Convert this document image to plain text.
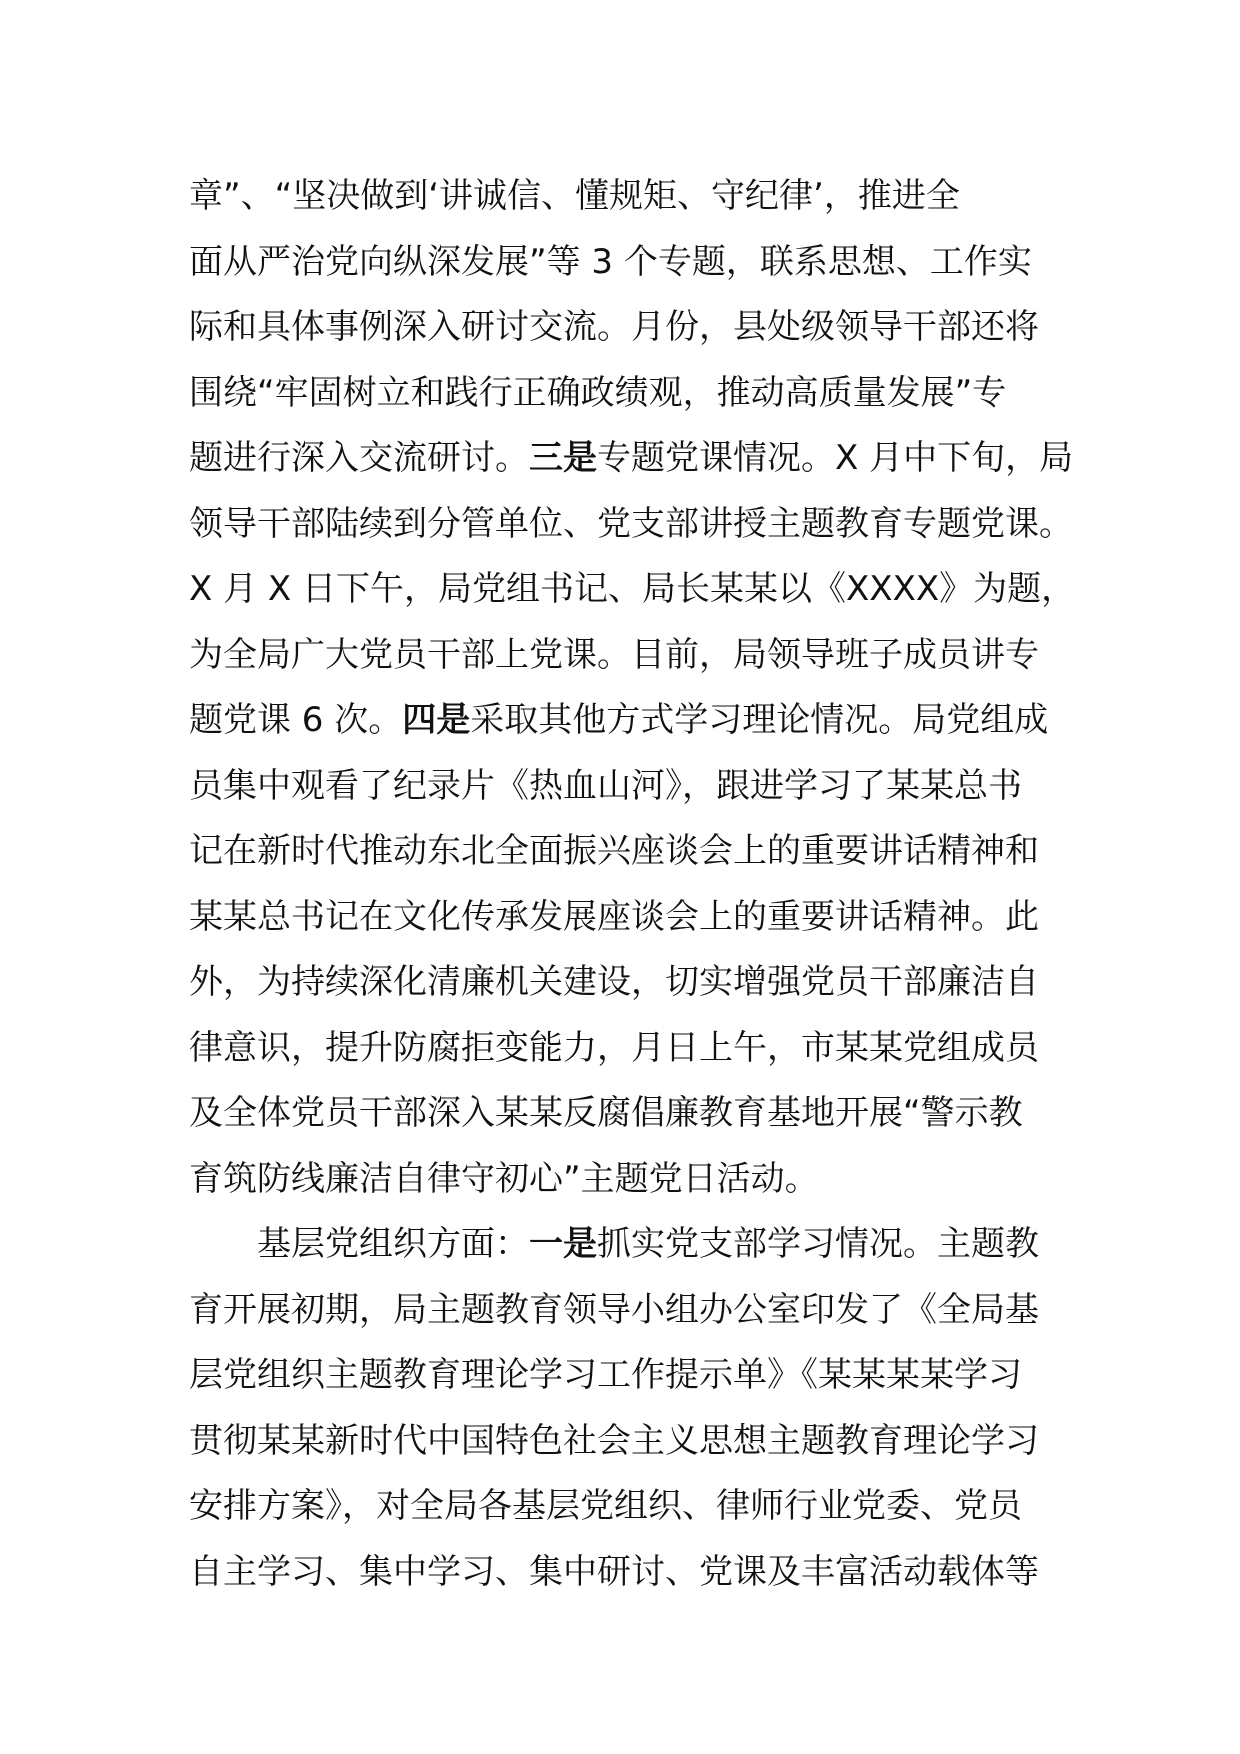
章”、“坚决做到‘讲诚信、懂规矩、守纪律’，推进全
面从严治党向纵深发展”等 3 个专题，联系思想、工作实
际和具体事例深入研讨交流。月份，县处级领导干部还将
围绕“牢固树立和践行正确政绩观，推动高质量发展”专
题进行深入交流研讨。三是专题党课情况。X 月中下旬，局
领导干部陆续到分管单位、党支部讲授主题教育专题党课。
X 月 X 日下午，局党组书记、局长某某以《XXXX》为题，
为全局广大党员干部上党课。目前，局领导班子成员讲专
题党课 6 次。四是采取其他方式学习理论情况。局党组成
员集中观看了纪录片《热血山河》，跟进学习了某某总书
记在新时代推动东北全面振兴座谈会上的重要讲话精神和
某某总书记在文化传承发展座谈会上的重要讲话精神。此
外，为持续深化清廉机关建设，切实增强党员干部廉洁自
律意识，提升防腐拒变能力，月日上午，市某某党组成员
及全体党员干部深入某某反腐倡廉教育基地开展“警示教
育筑防线廉洁自律守初心”主题党日活动。
基层党组织方面：一是抓实党支部学习情况。主题教
育开展初期，局主题教育领导小组办公室印发了《全局基
层党组织主题教育理论学习工作提示单》《某某某某学习
贯彻某某新时代中国特色社会主义思想主题教育理论学习
安排方案》，对全局各基层党组织、律师行业党委、党员
自主学习、集中学习、集中研讨、党课及丰富活动载体等
